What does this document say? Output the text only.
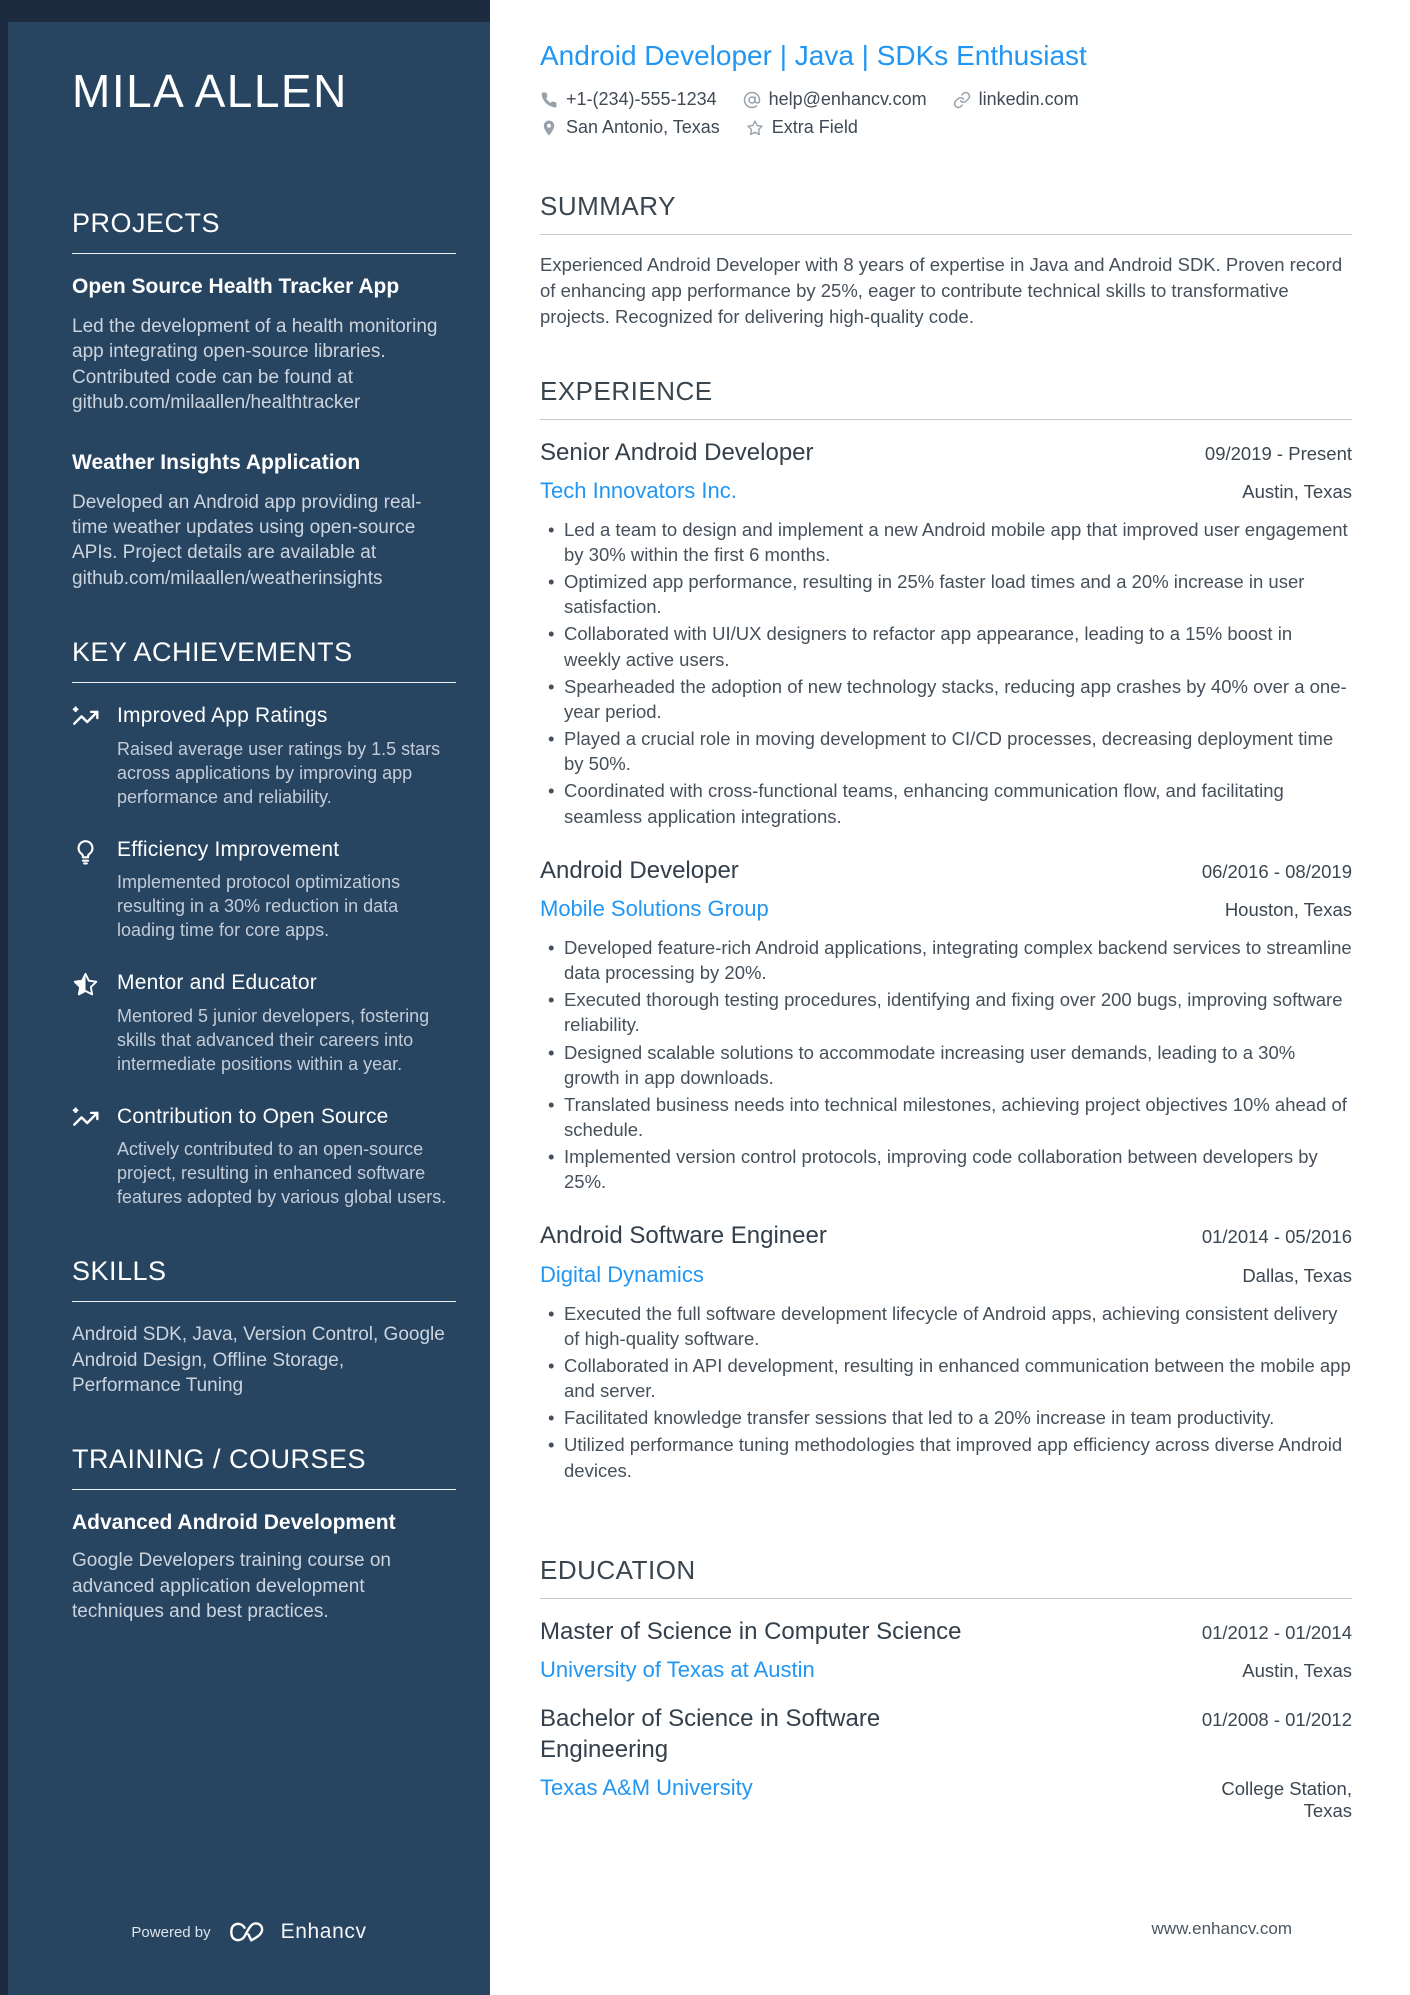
MILA ALLEN
PROJECTS
Open Source Health Tracker App

Led the development of a health monitoring app integrating open-source libraries. Contributed code can be found at github.com/milaallen/healthtracker

Weather Insights Application

Developed an Android app providing real-time weather updates using open-source APIs. Project details are available at github.com/milaallen/weatherinsights

KEY ACHIEVEMENTS
Improved App Ratings

Raised average user ratings by 1.5 stars across applications by improving app performance and reliability.

Efficiency Improvement

Implemented protocol optimizations resulting in a 30% reduction in data loading time for core apps.

Mentor and Educator

Mentored 5 junior developers, fostering skills that advanced their careers into intermediate positions within a year.

Contribution to Open Source

Actively contributed to an open-source project, resulting in enhanced software features adopted by various global users.

SKILLS

Android SDK, Java, Version Control, Google Android Design, Offline Storage, Performance Tuning

TRAINING / COURSES
Advanced Android Development

Google Developers training course on advanced application development techniques and best practices.

Powered by	Enhancv
Android Developer | Java | SDKs Enthusiast
+1-(234)-555-1234	help@enhancv.com	linkedin.com
San Antonio, Texas	Extra Field
SUMMARY

Experienced Android Developer with 8 years of expertise in Java and Android SDK. Proven record of enhancing app performance by 25%, eager to contribute technical skills to transformative projects. Recognized for delivering high-quality code.

EXPERIENCE
Senior Android Developer	09/2019 - Present
Tech Innovators Inc.	Austin, Texas
• Led a team to design and implement a new Android mobile app that improved user engagement by 30% within the first 6 months.
• Optimized app performance, resulting in 25% faster load times and a 20% increase in user satisfaction.
• Collaborated with UI/UX designers to refactor app appearance, leading to a 15% boost in weekly active users.
• Spearheaded the adoption of new technology stacks, reducing app crashes by 40% over a one-year period.
• Played a crucial role in moving development to CI/CD processes, decreasing deployment time by 50%.
• Coordinated with cross-functional teams, enhancing communication flow, and facilitating seamless application integrations.
Android Developer	06/2016 - 08/2019
Mobile Solutions Group	Houston, Texas
• Developed feature-rich Android applications, integrating complex backend services to streamline data processing by 20%.
• Executed thorough testing procedures, identifying and fixing over 200 bugs, improving software reliability.
• Designed scalable solutions to accommodate increasing user demands, leading to a 30% growth in app downloads.
• Translated business needs into technical milestones, achieving project objectives 10% ahead of schedule.
• Implemented version control protocols, improving code collaboration between developers by 25%.
Android Software Engineer	01/2014 - 05/2016
Digital Dynamics	Dallas, Texas
• Executed the full software development lifecycle of Android apps, achieving consistent delivery of high-quality software.
• Collaborated in API development, resulting in enhanced communication between the mobile app and server.
• Facilitated knowledge transfer sessions that led to a 20% increase in team productivity.
• Utilized performance tuning methodologies that improved app efficiency across diverse Android devices.
EDUCATION
Master of Science in Computer Science	01/2012 - 01/2014
University of Texas at Austin	Austin, Texas
Bachelor of Science in Software Engineering
01/2008 - 01/2012
Texas A&M University	College Station, Texas
www.enhancv.com
